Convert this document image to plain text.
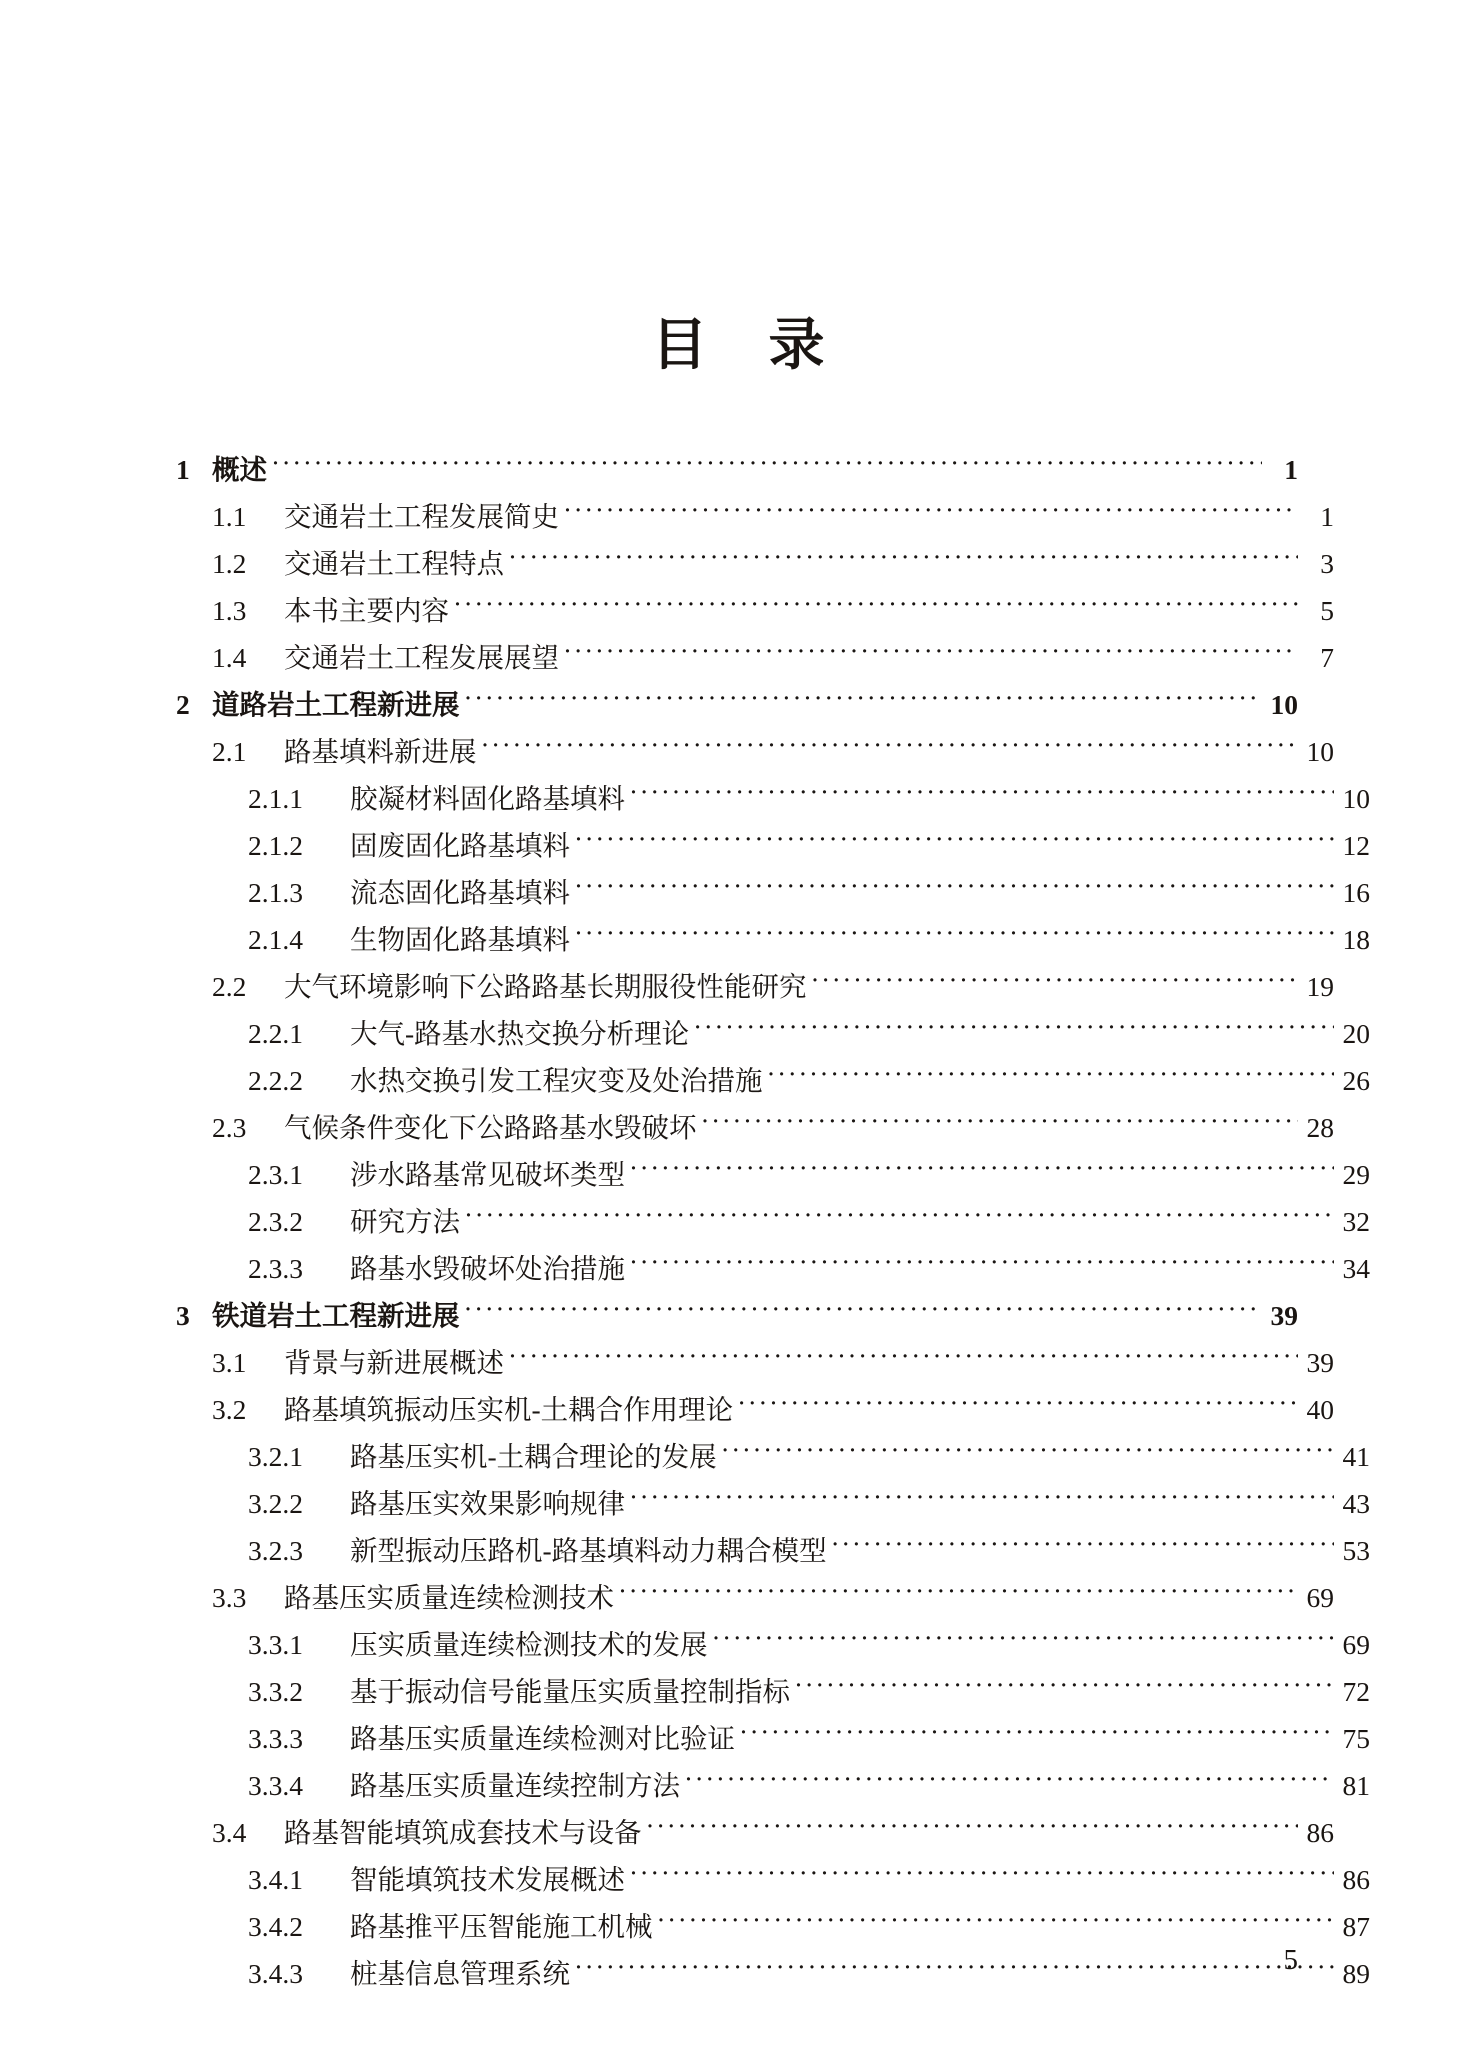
目 录
1 概述 ·····	1
1.1	交通岩土工程发展简史 ·····	1
1.2	交通岩土工程特点 ·····	3
1.3	本书主要内容 ·····	5
1.4	交通岩土工程发展展望 ·····	7
2 道路岩土工程新进展 ·····	10
2.1	路基填料新进展 ·····	10
2.1.1	胶凝材料固化路基填料 ·····	10
2.1.2	固废固化路基填料 ·····	12
2.1.3	流态固化路基填料 ·····	16
2.1.4	生物固化路基填料 ·····	18
2.2	大气环境影响下公路路基长期服役性能研究 ·····	19
2.2.1	大气-路基水热交换分析理论 ·····	20
2.2.2	水热交换引发工程灾变及处治措施 ·····	26
2.3	气候条件变化下公路路基水毁破坏 ·····	28
2.3.1	涉水路基常见破坏类型 ·····	29
2.3.2	研究方法 ·····	32
2.3.3	路基水毁破坏处治措施 ·····	34
3 铁道岩土工程新进展 ·····	39
3.1	背景与新进展概述 ·····	39
3.2	路基填筑振动压实机-土耦合作用理论 ·····	40
3.2.1	路基压实机-土耦合理论的发展 ·····	41
3.2.2	路基压实效果影响规律 ·····	43
3.2.3	新型振动压路机-路基填料动力耦合模型 ·····	53
3.3	路基压实质量连续检测技术 ·····	69
3.3.1	压实质量连续检测技术的发展 ·····	69
3.3.2	基于振动信号能量压实质量控制指标 ·····	72
3.3.3	路基压实质量连续检测对比验证 ·····	75
3.3.4	路基压实质量连续控制方法 ·····	81
3.4	路基智能填筑成套技术与设备 ·····	86
3.4.1	智能填筑技术发展概述 ·····	86
3.4.2	路基推平压智能施工机械 ·····	87
3.4.3	桩基信息管理系统 ·····	89
5
